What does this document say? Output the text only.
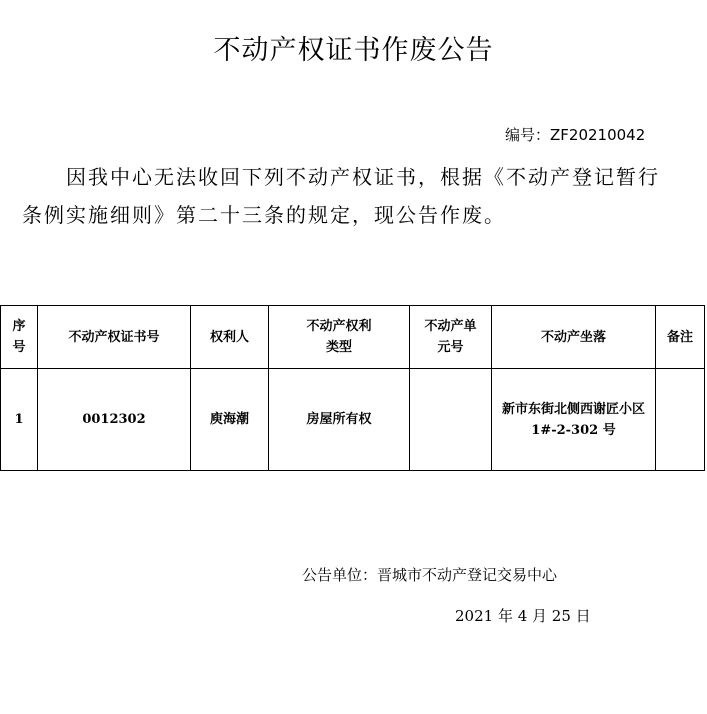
不动产权证书作废公告
编号：ZF20210042
因我中心无法收回下列不动产权证书，根据《不动产登记暂行条例实施细则》第二十三条的规定，现公告作废。
序号	不动产权证书号	权利人	不动产权利类型	不动产单元号	不动产坐落	备注
1	0012302	庾海潮	房屋所有权		新市东街北侧西谢匠小区 1#-2-302 号	
公告单位：晋城市不动产登记交易中心
2021 年 4 月 25 日
